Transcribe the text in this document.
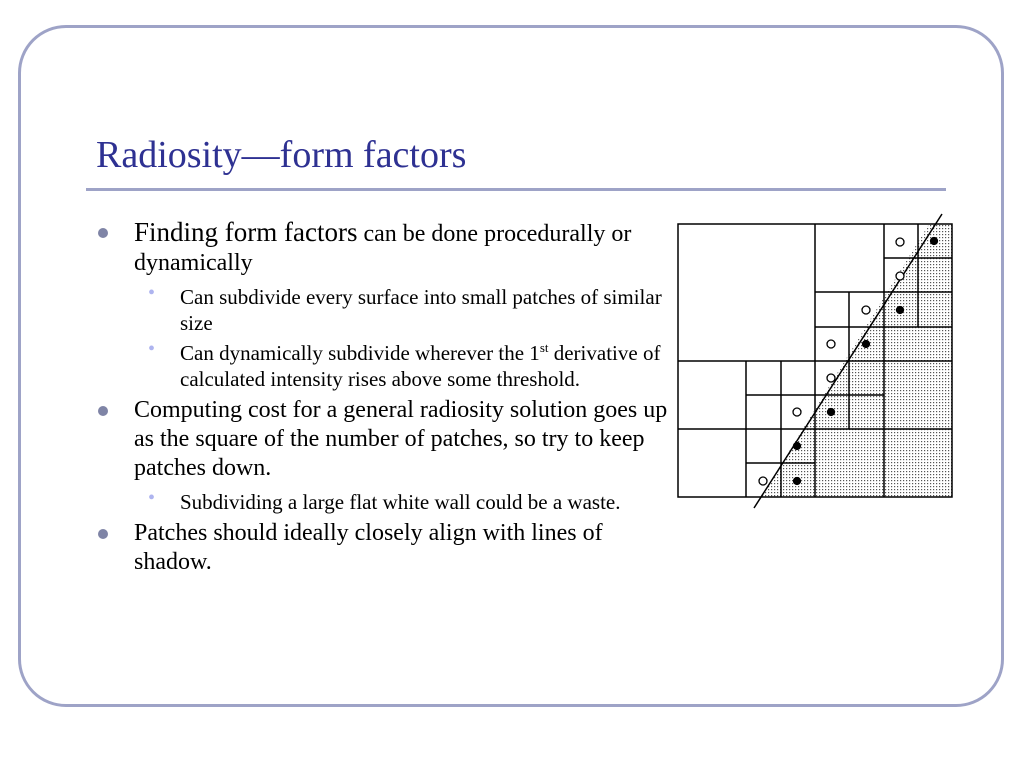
Radiosity—form factors
Finding form factors can be done procedurally or dynamically
• Can subdivide every surface into small patches of similar size
• Can dynamically subdivide wherever the 1st derivative of calculated intensity rises above some threshold.
Computing cost for a general radiosity solution goes up as the square of the number of patches, so try to keep patches down.
• Subdividing a large flat white wall could be a waste.
Patches should ideally closely align with lines of shadow.
